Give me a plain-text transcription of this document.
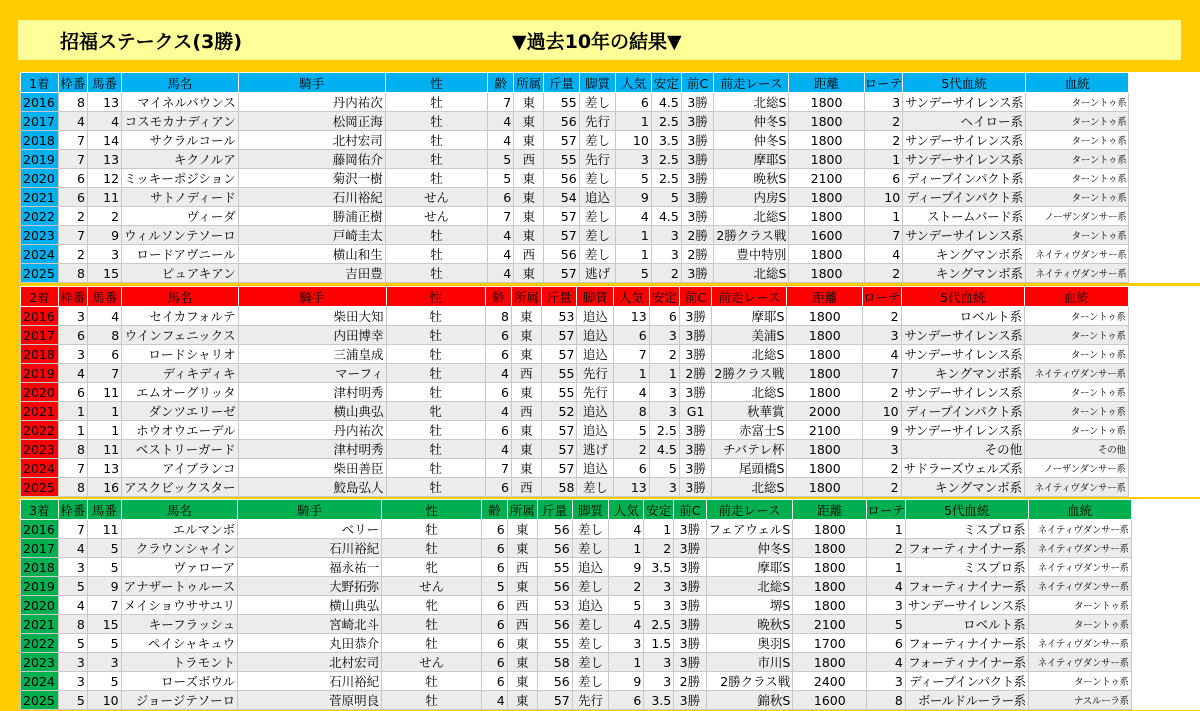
招福ステークス(3勝)	▼過去10年の結果▼
1着	枠番	馬番	馬名	騎手	性	齢	所属	斤量	脚質	人気	安定	前C	前走レース	距離	ローテ	5代血統	血統
2016	8	13	マイネルパウンス	丹内祐次	牡	7	東	55	差し	6	4.5	3勝	北総S	1800	3	サンデーサイレンス系	ターントゥ系
2017	4	4	コスモカナディアン	松岡正海	牡	4	東	56	先行	1	2.5	3勝	仲冬S	1800	2	ヘイロー系	ターントゥ系
2018	7	14	サクラルコール	北村宏司	牡	4	東	57	差し	10	3.5	3勝	仲冬S	1800	2	サンデーサイレンス系	ターントゥ系
2019	7	13	キクノルア	藤岡佑介	牡	5	西	55	先行	3	2.5	3勝	摩耶S	1800	1	サンデーサイレンス系	ターントゥ系
2020	6	12	ミッキーポジション	菊沢一樹	牡	5	東	56	差し	5	2.5	3勝	晩秋S	2100	6	ディープインパクト系	ターントゥ系
2021	6	11	サトノディード	石川裕紀	せん	6	東	54	追込	9	5	3勝	内房S	1800	10	ディープインパクト系	ターントゥ系
2022	2	2	ヴィーダ	勝浦正樹	せん	7	東	57	差し	4	4.5	3勝	北総S	1800	1	ストームバード系	ノーザンダンサー系
2023	7	9	ウィルソンテソーロ	戸崎圭太	牡	4	東	57	差し	1	3	2勝	2勝クラス戦	1600	7	サンデーサイレンス系	ターントゥ系
2024	2	3	ロードアヴニール	横山和生	牡	4	西	56	差し	1	3	2勝	豊中特別	1800	4	キングマンボ系	ネイティヴダンサー系
2025	8	15	ピュアキアン	吉田豊	牡	4	東	57	逃げ	5	2	3勝	北総S	1800	2	キングマンボ系	ネイティヴダンサー系
2着	枠番	馬番	馬名	騎手	性	齢	所属	斤量	脚質	人気	安定	前C	前走レース	距離	ローテ	5代血統	血統
2016	3	4	セイカフォルテ	柴田大知	牡	8	東	53	追込	13	6	3勝	摩耶S	1800	2	ロベルト系	ターントゥ系
2017	6	8	ウインフェニックス	内田博幸	牡	6	東	57	追込	6	3	3勝	美浦S	1800	3	サンデーサイレンス系	ターントゥ系
2018	3	6	ロードシャリオ	三浦皇成	牡	6	東	57	追込	7	2	3勝	北総S	1800	4	サンデーサイレンス系	ターントゥ系
2019	4	7	ディキディキ	マーフィ	牡	4	西	55	先行	1	1	2勝	2勝クラス戦	1800	7	キングマンボ系	ネイティヴダンサー系
2020	6	11	エムオーグリッタ	津村明秀	牡	6	東	55	先行	4	3	3勝	北総S	1800	2	サンデーサイレンス系	ターントゥ系
2021	1	1	ダンツエリーゼ	横山典弘	牝	4	西	52	追込	8	3	G1	秋華賞	2000	10	ディープインパクト系	ターントゥ系
2022	1	1	ホウオウエーデル	丹内祐次	牡	6	東	57	追込	5	2.5	3勝	赤富士S	2100	9	サンデーサイレンス系	ターントゥ系
2023	8	11	ベストリーガード	津村明秀	牡	4	東	57	逃げ	2	4.5	3勝	チバテレ杯	1800	3	その他	その他
2024	7	13	アイブランコ	柴田善臣	牡	7	東	57	追込	6	5	3勝	尾頭橋S	1800	2	サドラーズウェルズ系	ノーザンダンサー系
2025	8	16	アスクビックスター	鮫島弘人	牡	6	西	58	差し	13	3	3勝	北総S	1800	2	キングマンボ系	ネイティヴダンサー系
3着	枠番	馬番	馬名	騎手	性	齢	所属	斤量	脚質	人気	安定	前C	前走レース	距離	ローテ	5代血統	血統
2016	7	11	エルマンボ	ベリー	牡	6	東	56	差し	4	1	3勝	フェアウェルS	1800	1	ミスプロ系	ネイティヴダンサー系
2017	4	5	クラウンシャイン	石川裕紀	牡	6	東	56	差し	1	2	3勝	仲冬S	1800	2	フォーティナイナー系	ネイティヴダンサー系
2018	3	5	ヴァローア	福永祐一	牝	6	西	55	追込	9	3.5	3勝	摩耶S	1800	1	ミスプロ系	ネイティヴダンサー系
2019	5	9	アナザートゥルース	大野拓弥	せん	5	東	56	差し	2	3	3勝	北総S	1800	4	フォーティナイナー系	ネイティヴダンサー系
2020	4	7	メイショウササユリ	横山典弘	牝	6	西	53	追込	5	3	3勝	堺S	1800	3	サンデーサイレンス系	ターントゥ系
2021	8	15	キーフラッシュ	宮崎北斗	牡	6	西	56	差し	4	2.5	3勝	晩秋S	2100	5	ロベルト系	ターントゥ系
2022	5	5	ペイシャキュウ	丸田恭介	牡	6	東	55	差し	3	1.5	3勝	奥羽S	1700	6	フォーティナイナー系	ネイティヴダンサー系
2023	3	3	トラモント	北村宏司	せん	6	東	58	差し	1	3	3勝	市川S	1800	4	フォーティナイナー系	ネイティヴダンサー系
2024	3	5	ローズボウル	石川裕紀	牡	6	東	56	差し	9	3	2勝	2勝クラス戦	2400	3	ディープインパクト系	ターントゥ系
2025	5	10	ジョージテソーロ	菅原明良	牡	4	東	57	先行	6	3.5	3勝	錦秋S	1600	8	ボールドルーラー系	ナスルーラ系
